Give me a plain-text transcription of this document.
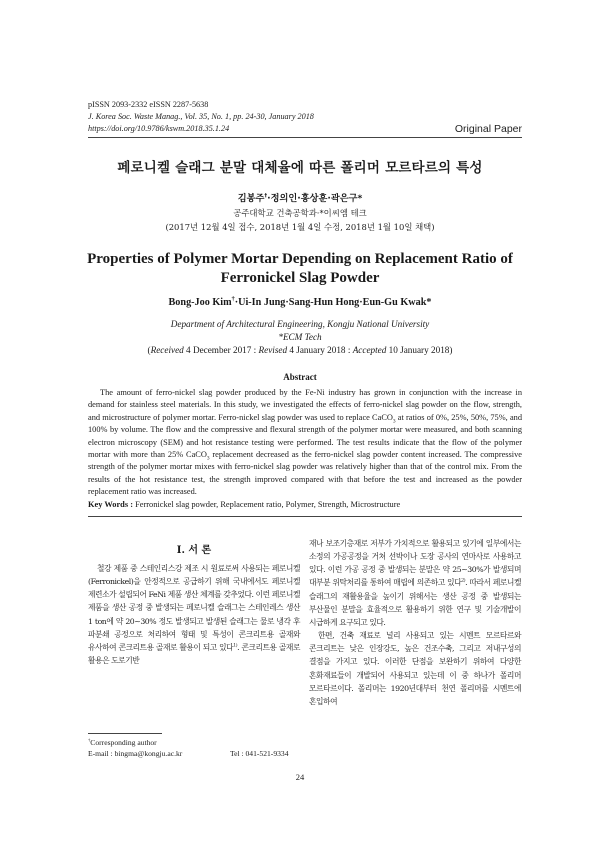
pISSN 2093-2332 eISSN 2287-5638
J. Korea Soc. Waste Manag., Vol. 35, No. 1, pp. 24-30, January 2018
https://doi.org/10.9786/kswm.2018.35.1.24	Original Paper
페로니켈 슬래그 분말 대체율에 따른 폴리머 모르타르의 특성
김봉주†·정의인·홍상훈·곽은구*
공주대학교 건축공학과·*이씨엠 테크
(2017년 12월 4일 접수, 2018년 1월 4일 수정, 2018년 1월 10일 채택)
Properties of Polymer Mortar Depending on Replacement Ratio of Ferronickel Slag Powder
Bong-Joo Kim†·Ui-In Jung·Sang-Hun Hong·Eun-Gu Kwak*
Department of Architectural Engineering, Kongju National University
*ECM Tech
(Received 4 December 2017 : Revised 4 January 2018 : Accepted 10 January 2018)
Abstract
The amount of ferro-nickel slag powder produced by the Fe-Ni industry has grown in conjunction with the increase in demand for stainless steel materials. In this study, we investigated the effects of ferro-nickel slag powder on the flow, strength, and microstructure of polymer mortar. Ferro-nickel slag powder was used to replace CaCO$_3$ at ratios of 0%, 25%, 50%, 75%, and 100% by volume. The flow and the compressive and flexural strength of the polymer mortar were measured, and both scanning electron microscopy (SEM) and hot resistance testing were performed. The test results indicate that the flow of the polymer mortar with more than 25% CaCO$_3$ replacement decreased as the ferro-nickel slag powder content increased. The compressive strength of the polymer mortar mixes with ferro-nickel slag powder was relatively higher than that of the control mix. From the results of the hot resistance test, the strength improved compared with that before the test and increased as the powder replacement ratio was increased.
Key Words : Ferronickel slag powder, Replacement ratio, Polymer, Strength, Microstructure
I. 서 론

철강 제품 중 스테인리스강 제조 시 원료로써 사용되는 페로니켈(Ferronickel)을 안정적으로 공급하기 위해 국내에서도 페로니켈 제련소가 설립되어 FeNi 제품 생산 체계를 갖추었다. 이런 페로니켈 제품을 생산 공정 중 발생되는 페로니켈 슬래그는 스테인레스 생산 1 ton에 약 20∼30% 정도 발생되고 발생된 슬래그는 물로 냉각 후 파분쇄 공정으로 처리하여 형태 및 특성이 콘크리트용 골재와 유사하여 콘크리트용 골재로 활용이 되고 있다$^{1)}$. 콘크리트용 골재로 활용은 도로기반

†Corresponding author
E-mail : bingma@kongju.ac.kr	Tel : 041-521-9334

재나 보조기층재로 저부가 가치적으로 활용되고 있기에 일부에서는 소정의 가공공정을 거쳐 선박이나 도장 공사의 연마사로 사용하고 있다. 이런 가공 공정 중 발생되는 분말은 약 25∼30%가 발생되며 대부분 위탁처리를 통하여 매립에 의존하고 있다$^{2)}$. 따라서 페로니켈 슬래그의 재활용율을 높이기 위해서는 생산 공정 중 발생되는 부산물인 분말을 효율적으로 활용하기 위한 연구 및 기술개발이 시급하게 요구되고 있다.

한편, 건축 재료로 널리 사용되고 있는 시멘트 모르타르와 콘크리트는 낮은 인장강도, 높은 건조수축, 그리고 저내구성의 결점을 가지고 있다. 이러한 단점을 보완하기 위하여 다양한 혼화재료들이 개발되어 사용되고 있는데 이 중 하나가 폴리머 모르타르이다. 폴리머는 1920년대부터 천연 폴리머를 시멘트에 혼입하여

24
